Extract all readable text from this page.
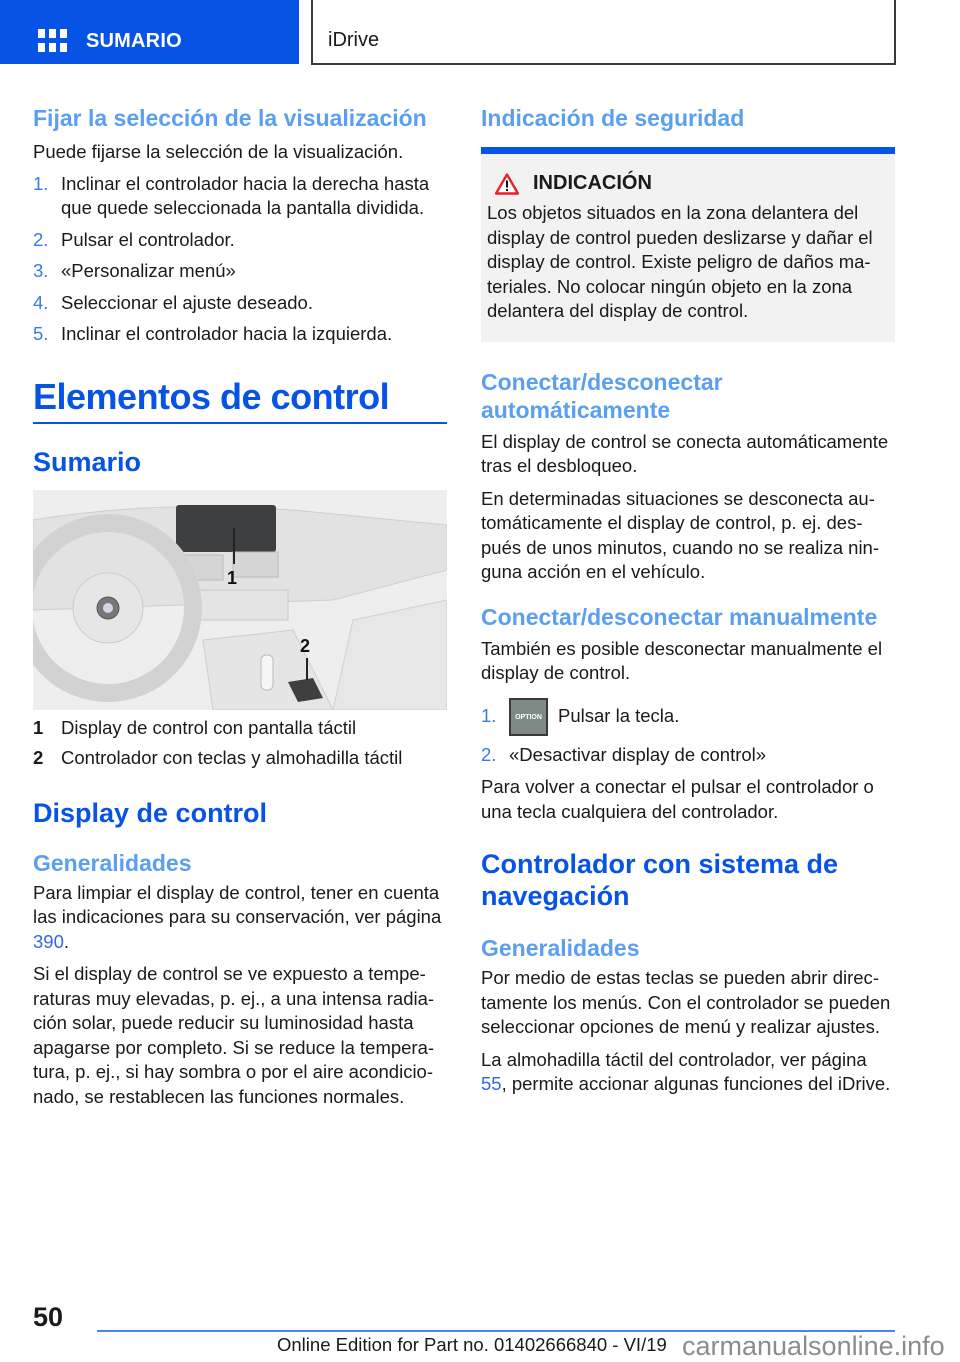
SUMARIO	iDrive
Fijar la selección de la visualización
Puede fijarse la selección de la visualización.
1. Inclinar el controlador hacia la derecha hasta que quede seleccionada la pantalla dividida.
2. Pulsar el controlador.
3. «Personalizar menú»
4. Seleccionar el ajuste deseado.
5. Inclinar el controlador hacia la izquierda.
Elementos de control
Sumario
1
2
1 Display de control con pantalla táctil
2 Controlador con teclas y almohadilla táctil
Display de control
Generalidades

Para limpiar el display de control, tener en cuenta las indicaciones para su conservación, ver página 390.

Si el display de control se ve expuesto a temperaturas muy elevadas, p. ej., a una intensa radiación solar, puede reducir su luminosidad hasta apagarse por completo. Si se reduce la temperatura, p. ej., si hay sombra o por el aire acondicionado, se restablecen las funciones normales.

Indicación de seguridad
INDICACIÓN

Los objetos situados en la zona delantera del display de control pueden deslizarse y dañar el display de control. Existe peligro de daños materiales. No colocar ningún objeto en la zona delantera del display de control.

Conectar/desconectar automáticamente

El display de control se conecta automáticamente tras el desbloqueo.

En determinadas situaciones se desconecta automáticamente el display de control, p. ej. después de unos minutos, cuando no se realiza ninguna acción en el vehículo.

Conectar/desconectar manualmente

También es posible desconectar manualmente el display de control.

1.	OPTION Pulsar la tecla.
2. «Desactivar display de control»

Para volver a conectar el pulsar el controlador o una tecla cualquiera del controlador.

Controlador con sistema de navegación
Generalidades

Por medio de estas teclas se pueden abrir directamente los menús. Con el controlador se pueden seleccionar opciones de menú y realizar ajustes.

La almohadilla táctil del controlador, ver página 55, permite accionar algunas funciones del iDrive.

50
Online Edition for Part no. 01402666840 - VI/19 carmanualsonline.info
